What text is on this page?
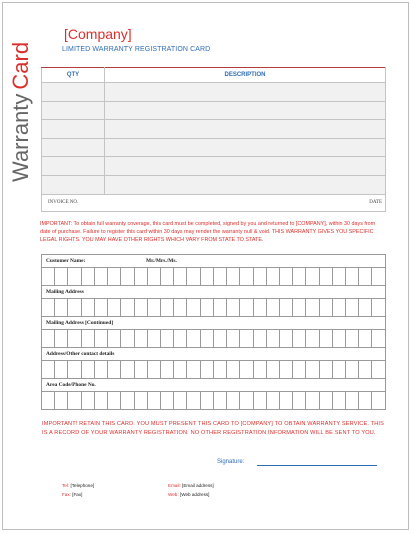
WarrantyCard
[Company]
LIMITED WARRANTY REGISTRATION CARD
QTY	DESCRIPTION

INVOICE NO. DATE	
IMPORTANT: To obtain full warranty coverage, this card must be completed, signed by you and returned to [COMPANY], within 30 days from date of purchase. Failure to register this card within 30 days may render the warranty null & void. THIS WARRANTY GIVES YOU SPECIFIC LEGAL RIGHTS. YOU MAY HAVE OTHER RIGHTS WHICH VARY FROM STATE TO STATE.
Customer Name: Mr./Mrs./Ms.																									

Mailing Address																									

Mailing Address [Continued]																									

Address/Other contact details																									

Area Code/Phone No.																									

IMPORTANT! RETAIN THIS CARD. YOU MUST PRESENT THIS CARD TO [COMPANY] TO OBTAIN WARRANTY SERVICE. THIS IS A RECORD OF YOUR WARRANTY REGISTRATION. NO OTHER REGISTRATION INFORMATION WILL BE SENT TO YOU.
Signature:
Tel: [Telephone]
Fax: [Fax]
Email: [Email address]
Web: [Web address]
